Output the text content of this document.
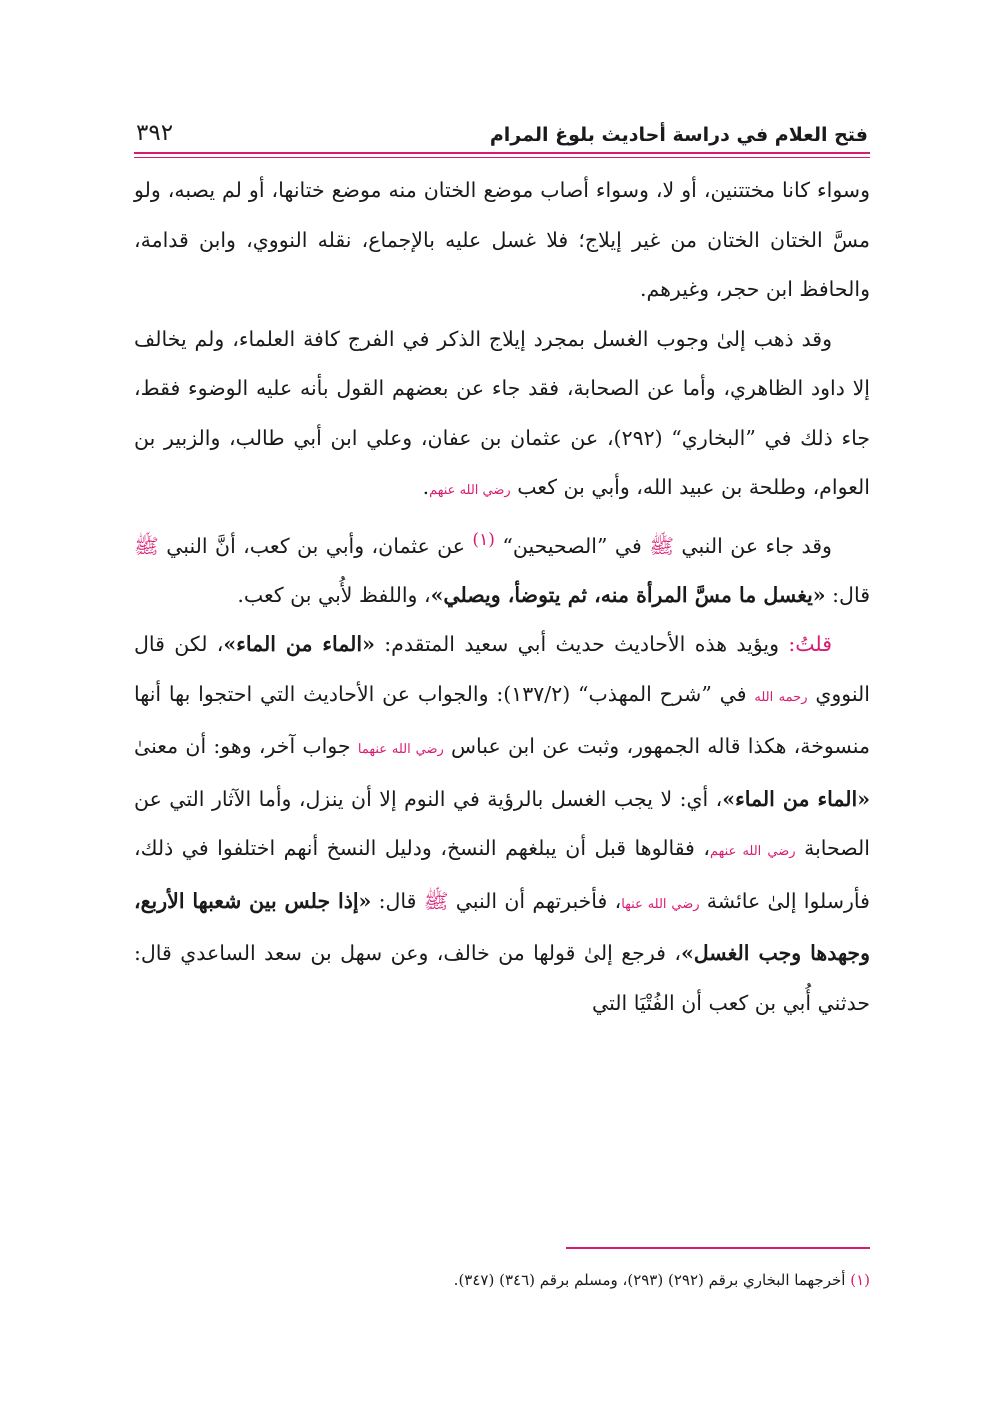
فتح العلام في دراسة أحاديث بلوغ المرام
٣٩٢

وسواء كانا مختتنين، أو لا، وسواء أصاب موضع الختان منه موضع ختانها، أو لم يصبه، ولو مسَّ الختان الختان من غير إيلاج؛ فلا غسل عليه بالإجماع، نقله النووي، وابن قدامة، والحافظ ابن حجر، وغيرهم.

وقد ذهب إلىٰ وجوب الغسل بمجرد إيلاج الذكر في الفرج كافة العلماء، ولم يخالف إلا داود الظاهري، وأما عن الصحابة، فقد جاء عن بعضهم القول بأنه عليه الوضوء فقط، جاء ذلك في ”البخاري“ (٢٩٢)، عن عثمان بن عفان، وعلي ابن أبي طالب، والزبير بن العوام، وطلحة بن عبيد الله، وأبي بن كعب رضي الله عنهم.

وقد جاء عن النبي ﷺ في ”الصحيحين“ $^{(١)}$ عن عثمان، وأبي بن كعب، أنَّ النبي ﷺ قال: «يغسل ما مسَّ المرأة منه، ثم يتوضأ، ويصلي»، واللفظ لأُبي بن كعب.

قلتُ: ويؤيد هذه الأحاديث حديث أبي سعيد المتقدم: «الماء من الماء»، لكن قال النووي رحمه الله في ”شرح المهذب“ (١٣٧/٢): والجواب عن الأحاديث التي احتجوا بها أنها منسوخة، هكذا قاله الجمهور، وثبت عن ابن عباس رضي الله عنهما جواب آخر، وهو: أن معنىٰ «الماء من الماء»، أي: لا يجب الغسل بالرؤية في النوم إلا أن ينزل، وأما الآثار التي عن الصحابة رضي الله عنهم، فقالوها قبل أن يبلغهم النسخ، ودليل النسخ أنهم اختلفوا في ذلك، فأرسلوا إلىٰ عائشة رضي الله عنها، فأخبرتهم أن النبي ﷺ قال: «إذا جلس بين شعبها الأربع، وجهدها وجب الغسل»، فرجع إلىٰ قولها من خالف، وعن سهل بن سعد الساعدي قال: حدثني أُبي بن كعب أن الفُتْيَا التي

(١) أخرجهما البخاري برقم (٢٩٢) (٢٩٣)، ومسلم برقم (٣٤٦) (٣٤٧).
